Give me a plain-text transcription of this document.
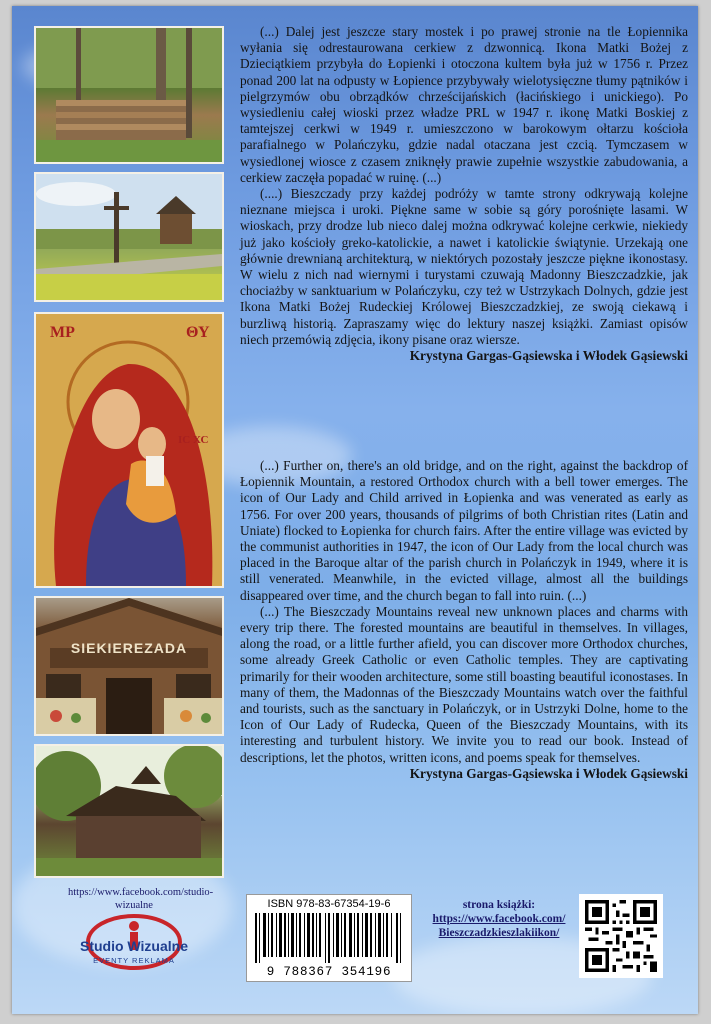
MP	ΘΥ
ІС ХС
SIEKIEREZADA

(...) Dalej jest jeszcze stary mostek i po prawej stronie na tle Łopiennika wyłania się odrestaurowana cerkiew z dzwonnicą. Ikona Matki Bożej z Dzieciątkiem przybyła do Łopienki i otoczona kultem była już w 1756 r. Przez ponad 200 lat na odpusty w Łopience przybywały wielotysięczne tłumy pątników i pielgrzymów obu obrządków chrześcijańskich (łacińskiego i unickiego). Po wysiedleniu całej wioski przez władze PRL w 1947 r. ikonę Matki Boskiej z tamtejszej cerkwi w 1949 r. umieszczono w barokowym ołtarzu kościoła parafialnego w Polańczyku, gdzie nadal otaczana jest czcią. Tymczasem w wysiedlonej wiosce z czasem zniknęły prawie zupełnie wszystkie zabudowania, a cerkiew zaczęła popadać w ruinę. (...)

(....) Bieszczady przy każdej podróży w tamte strony odkrywają kolejne nieznane miejsca i uroki. Piękne same w sobie są góry porośnięte lasami. W wioskach, przy drodze lub nieco dalej można odkrywać kolejne cerkwie, niekiedy już jako kościoły greko-katolickie, a nawet i katolickie świątynie. Urzekają one głównie drewnianą architekturą, w niektórych pozostały jeszcze piękne ikonostasy. W wielu z nich nad wiernymi i turystami czuwają Madonny Bieszczadzkie, jak chociażby w sanktuarium w Polańczyku, czy też w Ustrzykach Dolnych, gdzie jest Ikona Matki Bożej Rudeckiej Królowej Bieszczadzkiej, ze swoją ciekawą i burzliwą historią. Zapraszamy więc do lektury naszej książki. Zamiast opisów niech przemówią zdjęcia, ikony pisane oraz wiersze.

Krystyna Gargas-Gąsiewska i Włodek Gąsiewski

(...) Further on, there's an old bridge, and on the right, against the backdrop of Łopiennik Mountain, a restored Orthodox church with a bell tower emerges. The icon of Our Lady and Child arrived in Łopienka and was venerated as early as 1756. For over 200 years, thousands of pilgrims of both Christian rites (Latin and Uniate) flocked to Łopienka for church fairs. After the entire village was evicted by the communist authorities in 1947, the icon of Our Lady from the local church was placed in the Baroque altar of the parish church in Polańczyk in 1949, where it is still venerated. Meanwhile, in the evicted village, almost all the buildings disappeared over time, and the church began to fall into ruin. (...)

(...) The Bieszczady Mountains reveal new unknown places and charms with every trip there. The forested mountains are beautiful in themselves. In villages, along the road, or a little further afield, you can discover more Orthodox churches, some already Greek Catholic or even Catholic temples. They are captivating primarily for their wooden architecture, some still boasting beautiful iconostases. In many of them, the Madonnas of the Bieszczady Mountains watch over the faithful and tourists, such as the sanctuary in Polańczyk, or in Ustrzyki Dolne, home to the Icon of Our Lady of Rudecka, Queen of the Bieszczady Mountains, with its interesting and turbulent history. We invite you to read our book. Instead of descriptions, let the photos, written icons, and poems speak for themselves.

Krystyna Gargas-Gąsiewska i Włodek Gąsiewski

https://www.facebook.com/studio-wizualne
Studio Wizualne
EVENTY REKLAMA
ISBN 978-83-67354-19-6
9 788367 354196
strona książki:
https://www.facebook.com/
Bieszczadzkieszlakiikon/
